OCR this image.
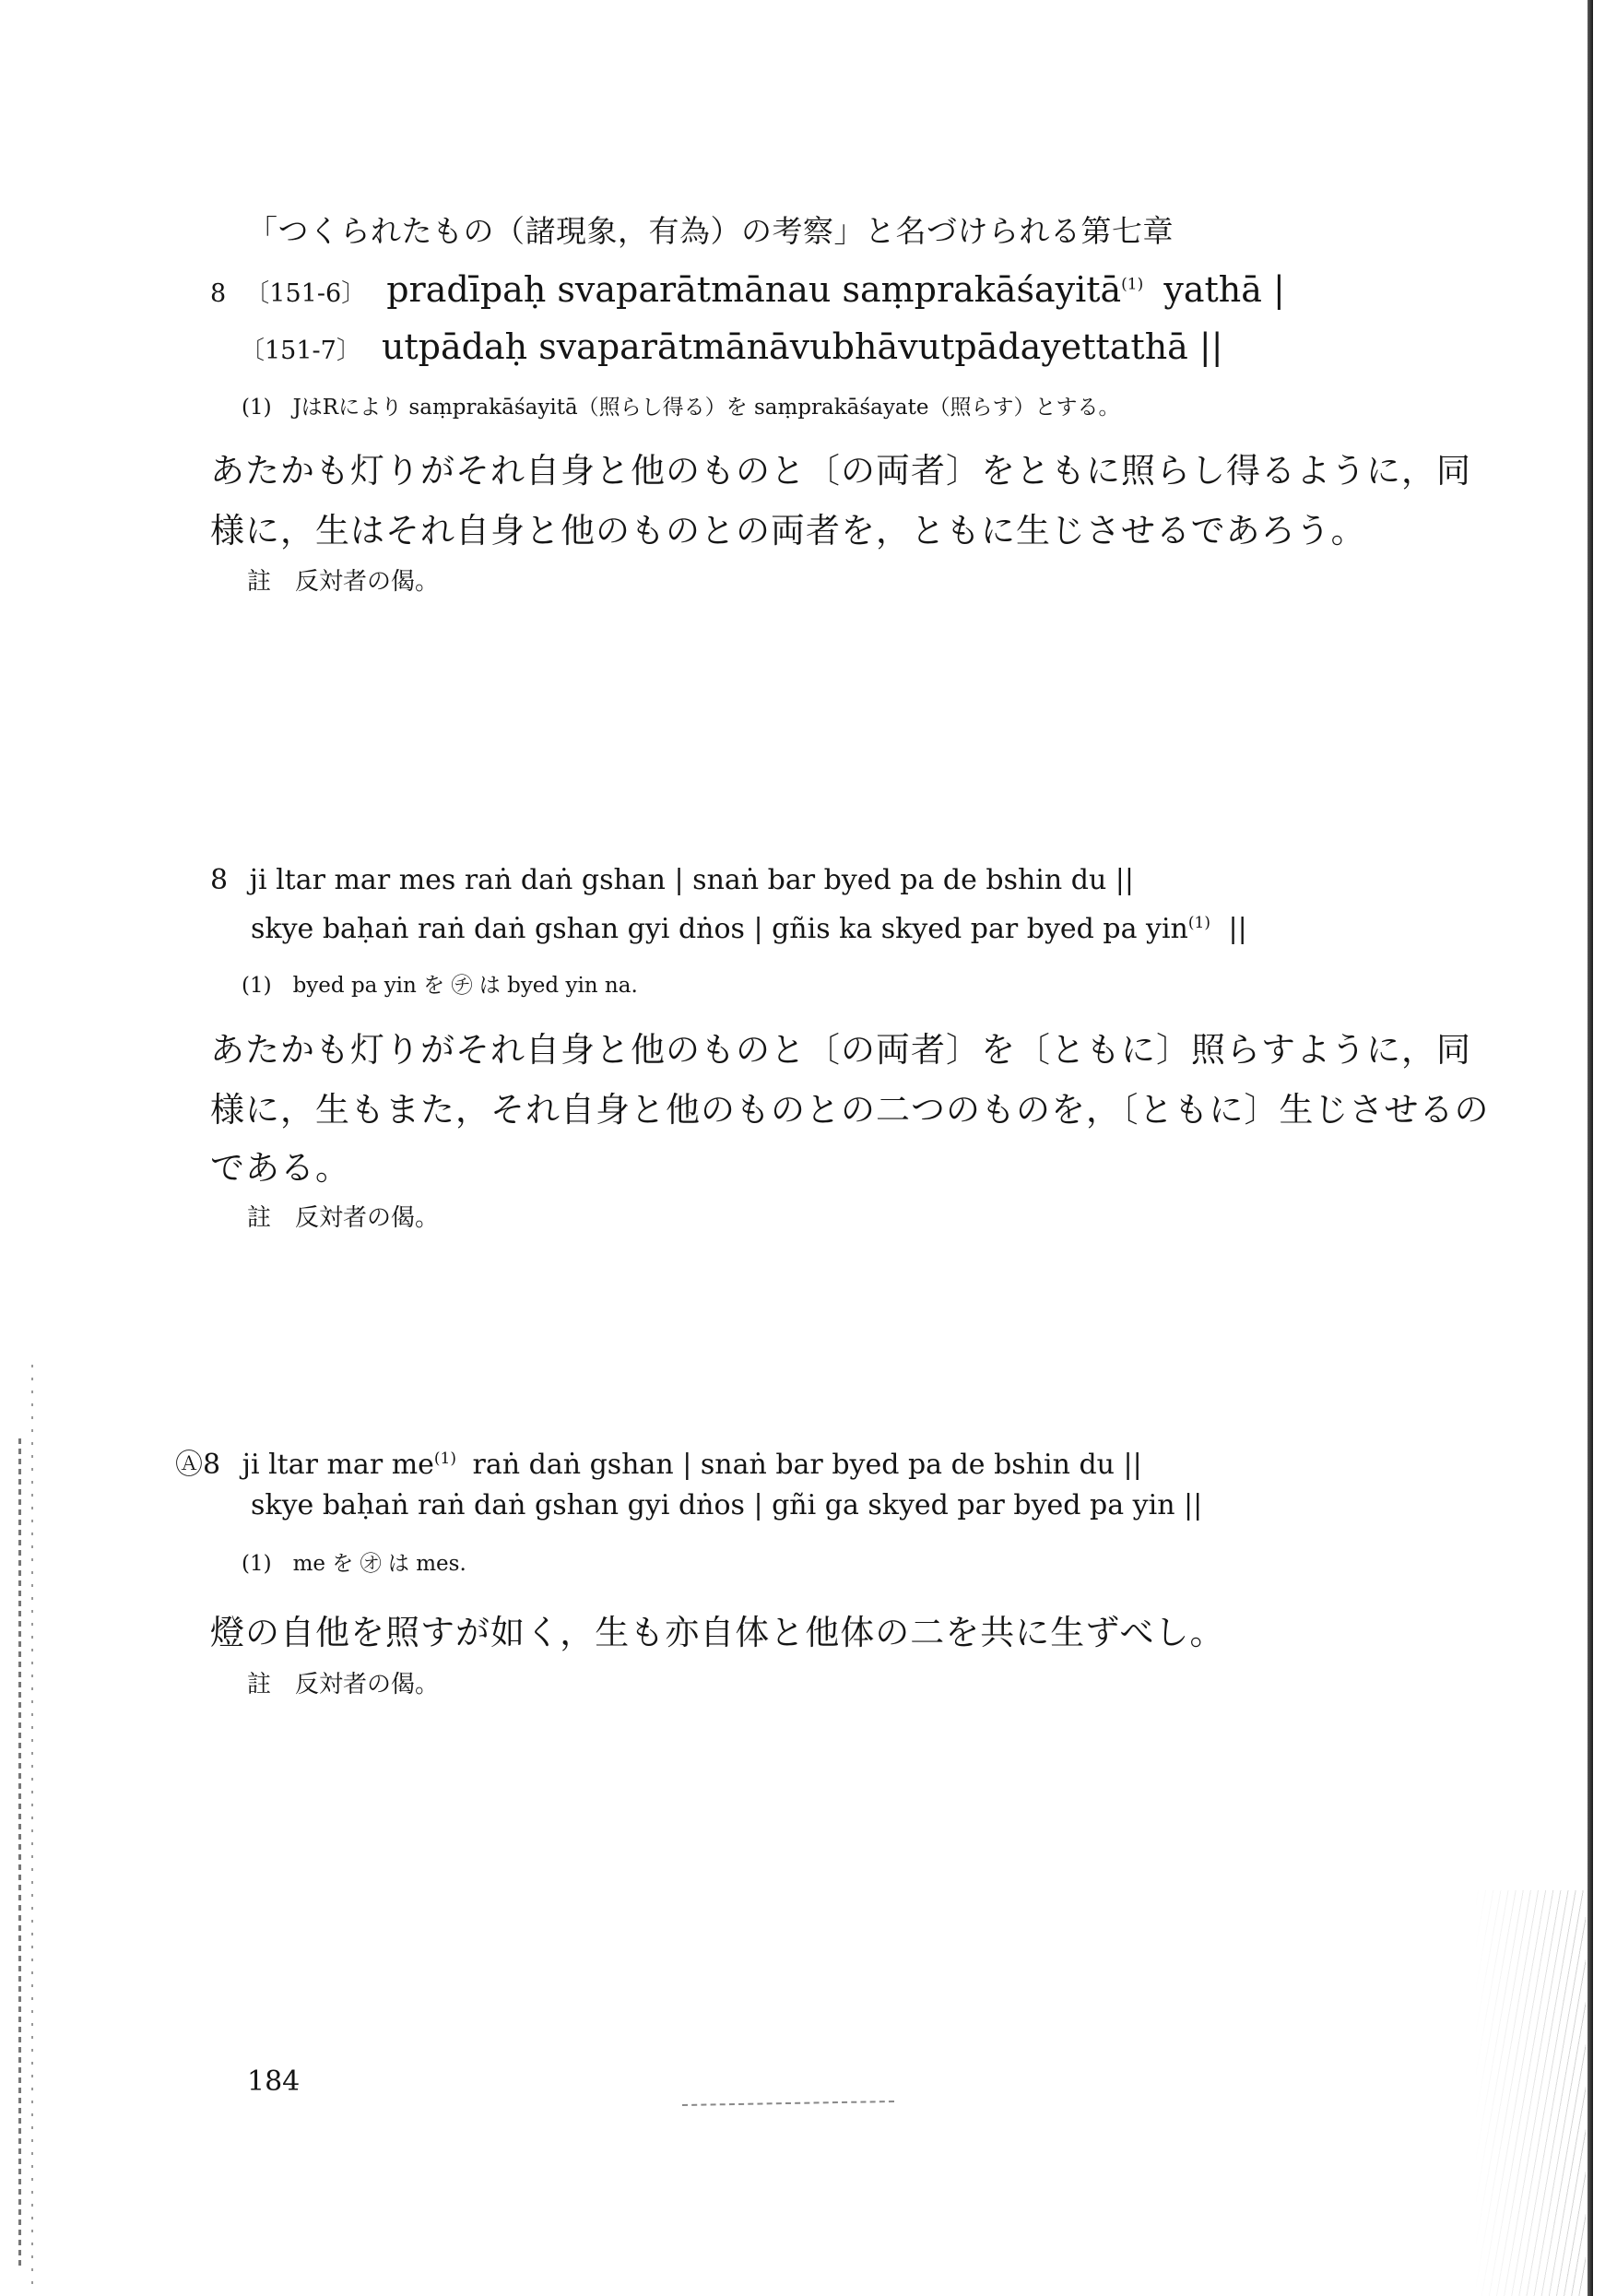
「つくられたもの（諸現象，有為）の考察」と名づけられる第七章
8 〔151-6〕 pradīpaḥ svaparātmānau saṃprakāśayitā$^{(1)}$ yathā |
〔151-7〕 utpādaḥ svaparātmānāvubhāvutpādayettathā ||
(1)　JはRにより saṃprakāśayitā（照らし得る）を saṃprakāśayate（照らす）とする。
あたかも灯りがそれ自身と他のものと〔の両者〕をともに照らし得るように，同
様に，生はそれ自身と他のものとの両者を，ともに生じさせるであろう。
註　反対者の偈。
8 ji ltar mar mes raṅ daṅ gshan | snaṅ bar byed pa de bshin du ||
skye baḥaṅ raṅ daṅ gshan gyi dṅos | gñis ka skyed par byed pa yin$^{(1)}$ ||
(1)　byed pa yin を ㋠ は byed yin na.
あたかも灯りがそれ自身と他のものと〔の両者〕を〔ともに〕照らすように，同
様に，生もまた，それ自身と他のものとの二つのものを，〔ともに〕生じさせるの
である。
註　反対者の偈。
Ⓐ8 ji ltar mar $me^{(1)}$ raṅ daṅ gshan | snaṅ bar byed pa de bshin du ||
skye baḥaṅ raṅ daṅ gshan gyi dṅos | gñi ga skyed par byed pa yin ||
(1)　me を ㋔ は mes.
燈の自他を照すが如く，生も亦自体と他体の二を共に生ずべし。
註　反対者の偈。
184
